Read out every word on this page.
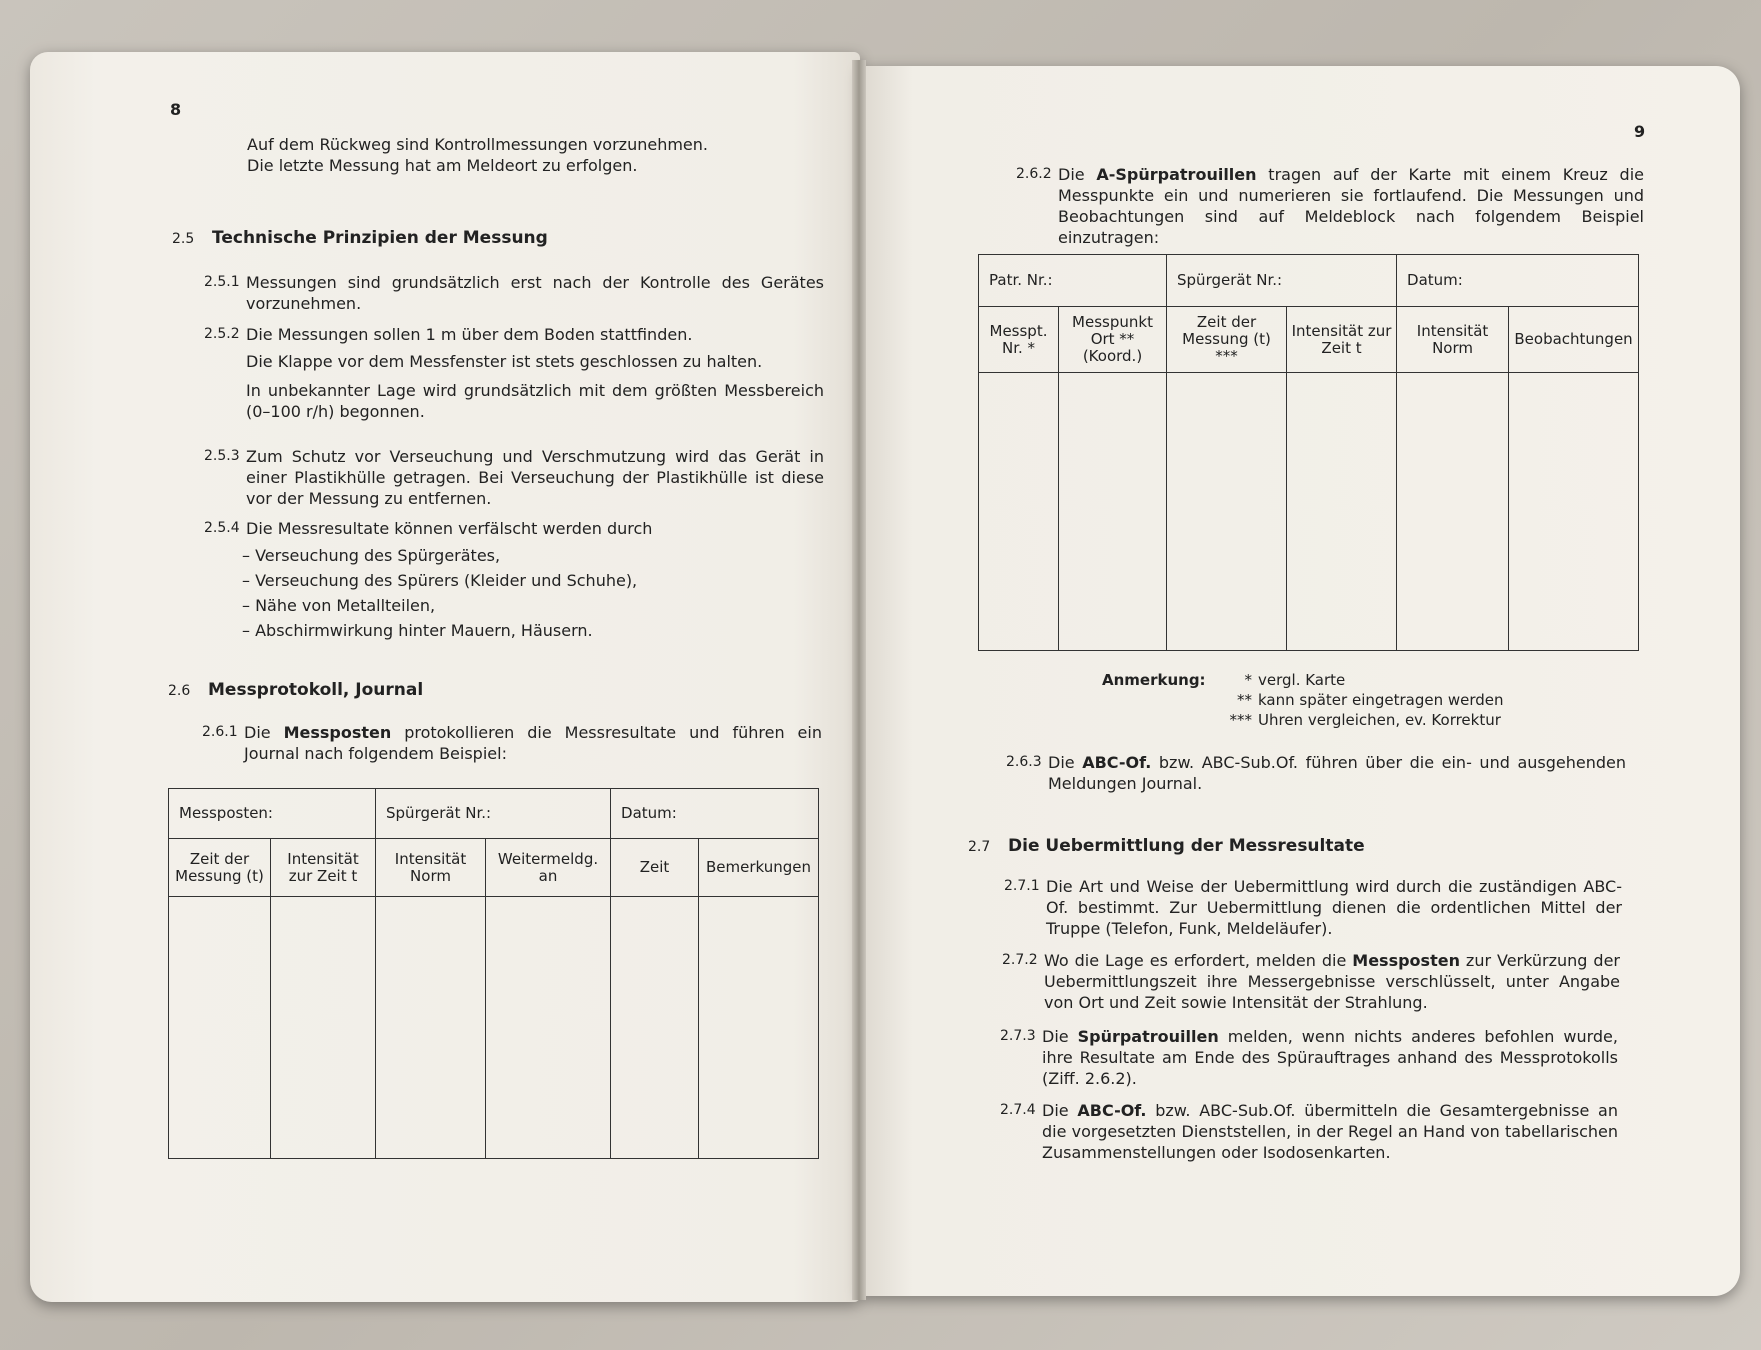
8
Auf dem Rückweg sind Kontrollmessungen vorzunehmen.
Die letzte Messung hat am Meldeort zu erfolgen.
2.5 Technische Prinzipien der Messung
2.5.1 Messungen sind grundsätzlich erst nach der Kontrolle des Gerätes vorzunehmen.
2.5.2 Die Messungen sollen 1 m über dem Boden stattfinden.
Die Klappe vor dem Messfenster ist stets geschlossen zu halten.
In unbekannter Lage wird grundsätzlich mit dem größten Messbereich (0–100 r/h) begonnen.
2.5.3 Zum Schutz vor Verseuchung und Verschmutzung wird das Gerät in einer Plastikhülle getragen. Bei Verseuchung der Plastikhülle ist diese vor der Messung zu entfernen.
2.5.4 Die Messresultate können verfälscht werden durch
– Verseuchung des Spürgerätes,
– Verseuchung des Spürers (Kleider und Schuhe),
– Nähe von Metallteilen,
– Abschirmwirkung hinter Mauern, Häusern.
2.6 Messprotokoll, Journal
2.6.1 Die Messposten protokollieren die Messresultate und führen ein Journal nach folgendem Beispiel:
Messposten:		Spürgerät Nr.:		Datum:	
Zeit der Messung (t)	Intensität zur Zeit t	Intensität Norm	Weitermeldg. an	Zeit	Bemerkungen

9
2.6.2 Die A-Spürpatrouillen tragen auf der Karte mit einem Kreuz die Messpunkte ein und numerieren sie fortlaufend. Die Messungen und Beobachtungen sind auf Meldeblock nach folgendem Beispiel einzutragen:
Patr. Nr.:		Spürgerät Nr.:		Datum:	
Messpt. Nr. *	Messpunkt Ort ** (Koord.)	Zeit der Messung (t) ***	Intensität zur Zeit t	Intensität Norm	Beobachtungen

Anmerkung:	* vergl. Karte
** kann später eingetragen werden
*** Uhren vergleichen, ev. Korrektur
2.6.3 Die ABC-Of. bzw. ABC-Sub.Of. führen über die ein- und ausgehenden Meldungen Journal.
2.7 Die Uebermittlung der Messresultate
2.7.1 Die Art und Weise der Uebermittlung wird durch die zuständigen ABC-Of. bestimmt. Zur Uebermittlung dienen die ordentlichen Mittel der Truppe (Telefon, Funk, Meldeläufer).
2.7.2 Wo die Lage es erfordert, melden die Messposten zur Verkürzung der Uebermittlungszeit ihre Messergebnisse verschlüsselt, unter Angabe von Ort und Zeit sowie Intensität der Strahlung.
2.7.3 Die Spürpatrouillen melden, wenn nichts anderes befohlen wurde, ihre Resultate am Ende des Spürauftrages anhand des Messprotokolls (Ziff. 2.6.2).
2.7.4 Die ABC-Of. bzw. ABC-Sub.Of. übermitteln die Gesamtergebnisse an die vorgesetzten Dienststellen, in der Regel an Hand von tabellarischen Zusammenstellungen oder Isodosenkarten.
